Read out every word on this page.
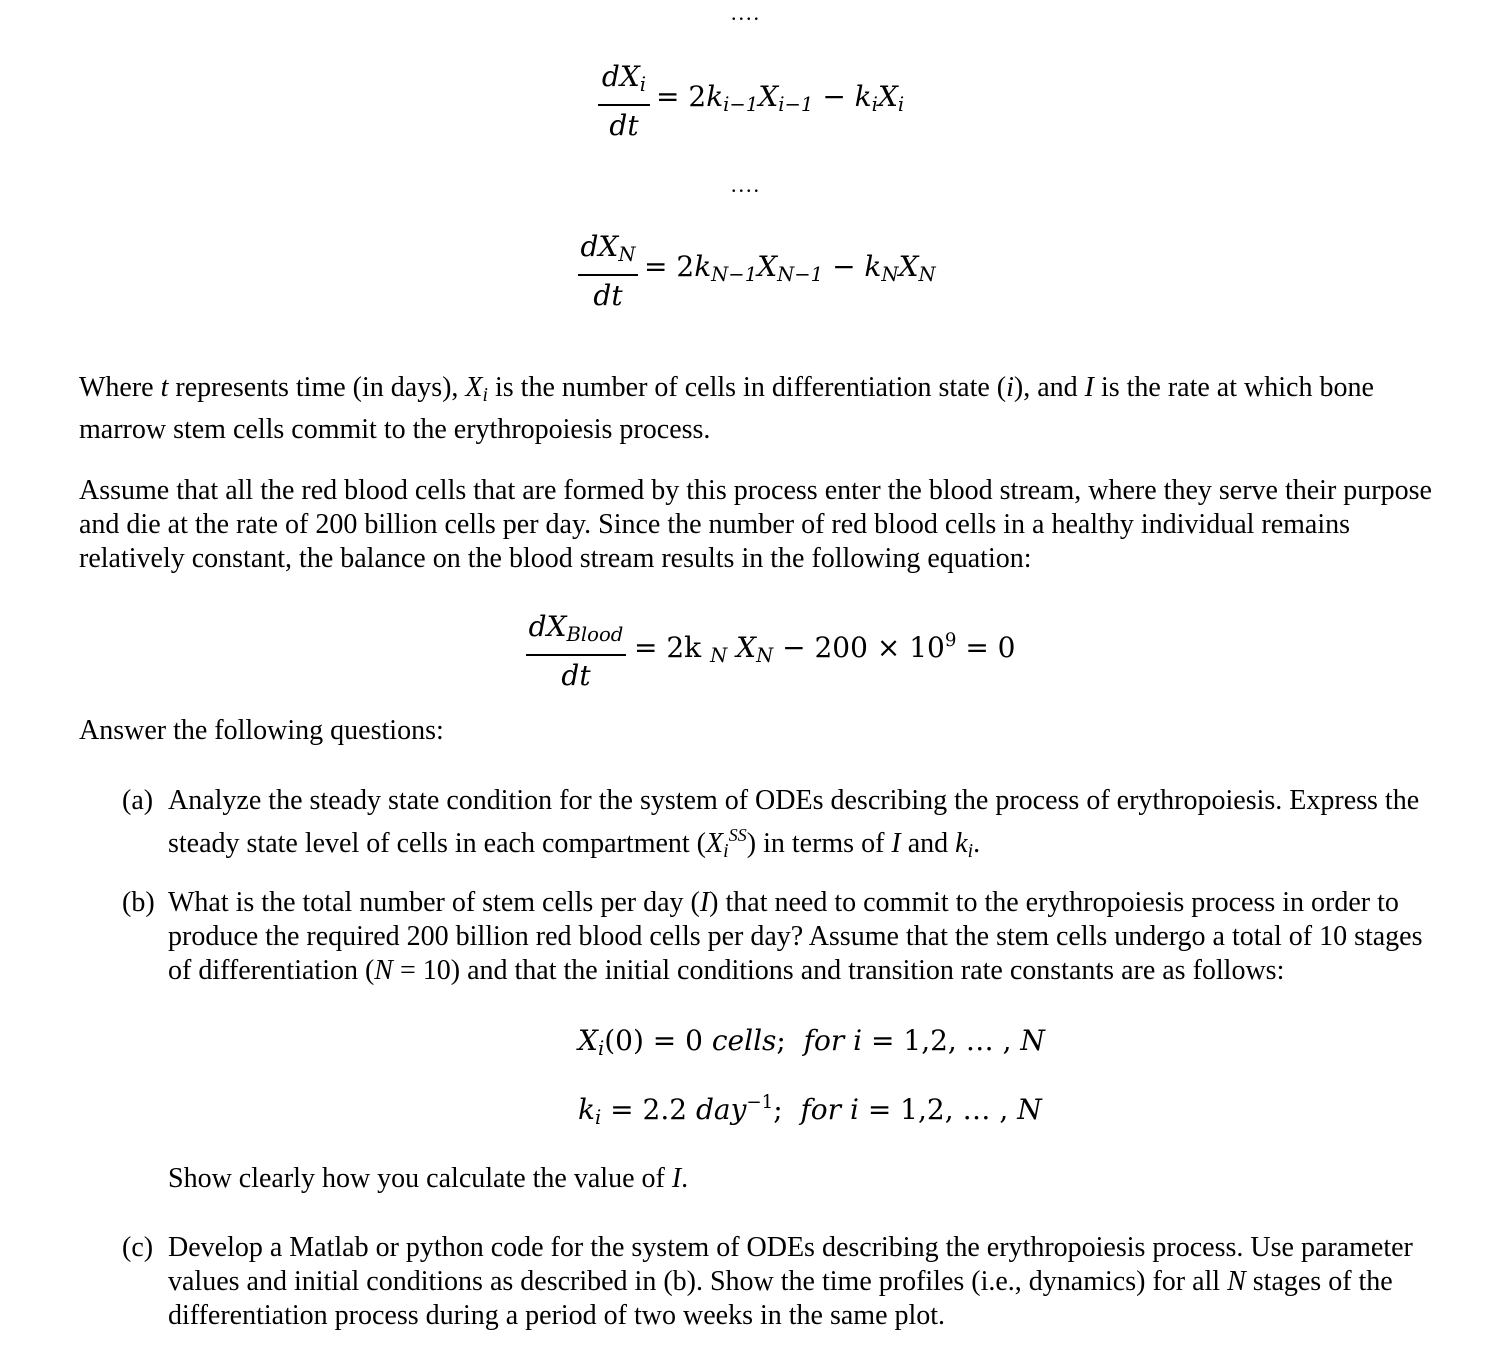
....
$dX_i$
dt
= $2k_{i-1}X_{i-1} - k_iX_i$
....
$dX_N$
dt
= $2k_{N-1}X_{N-1} - k_NX_N$
Where t represents time (in days), $X_i$ is the number of cells in differentiation state (i), and I is the rate at which bone marrow stem cells commit to the erythropoiesis process.
Assume that all the red blood cells that are formed by this process enter the blood stream, where they serve their purpose and die at the rate of 200 billion cells per day. Since the number of red blood cells in a healthy individual remains relatively constant, the balance on the blood stream results in the following equation:
$dX_{Blood}$
dt
= 2k $_N$ $X_N - 200 \times 10^9 = 0$
Answer the following questions:
(a) Analyze the steady state condition for the system of ODEs describing the process of erythropoiesis. Express the steady state level of cells in each compartment $(X_i^{SS})$ in terms of I and $k_i$.
(b) What is the total number of stem cells per day (I) that need to commit to the erythropoiesis process in order to produce the required 200 billion red blood cells per day? Assume that the stem cells undergo a total of 10 stages of differentiation (N = 10) and that the initial conditions and transition rate constants are as follows:
$X_i(0) = 0$ cells;  for i = 1,2, … , N
$k_i = 2.2$ day$^{-1}$;  for i = 1,2, … , N
Show clearly how you calculate the value of I.
(c) Develop a Matlab or python code for the system of ODEs describing the erythropoiesis process. Use parameter values and initial conditions as described in (b). Show the time profiles (i.e., dynamics) for all N stages of the differentiation process during a period of two weeks in the same plot.
